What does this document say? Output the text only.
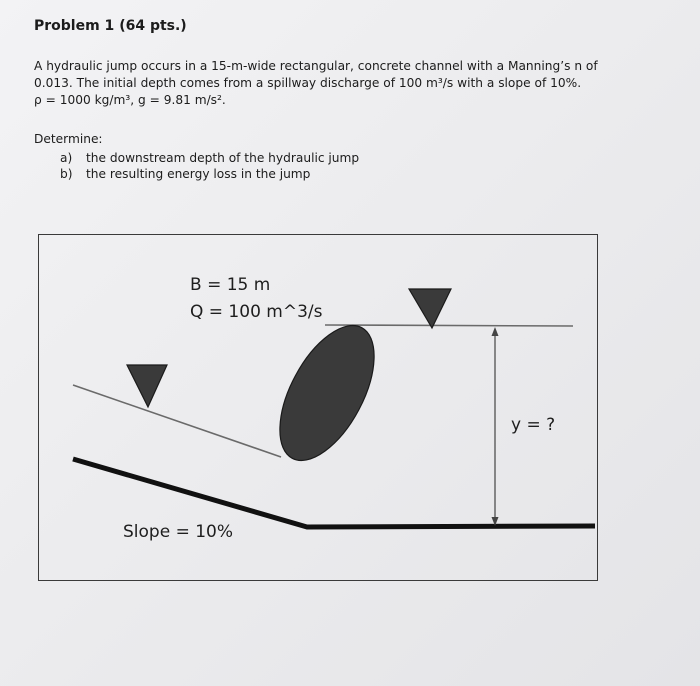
Problem 1 (64 pts.)
A hydraulic jump occurs in a 15-m-wide rectangular, concrete channel with a Manning’s n of
0.013. The initial depth comes from a spillway discharge of 100 m³/s with a slope of 10%.
ρ = 1000 kg/m³, g = 9.81 m/s².
Determine:
a) the downstream depth of the hydraulic jump
b) the resulting energy loss in the jump
B = 15 m
Q = 100 m^3/s
y = ?
Slope = 10%
